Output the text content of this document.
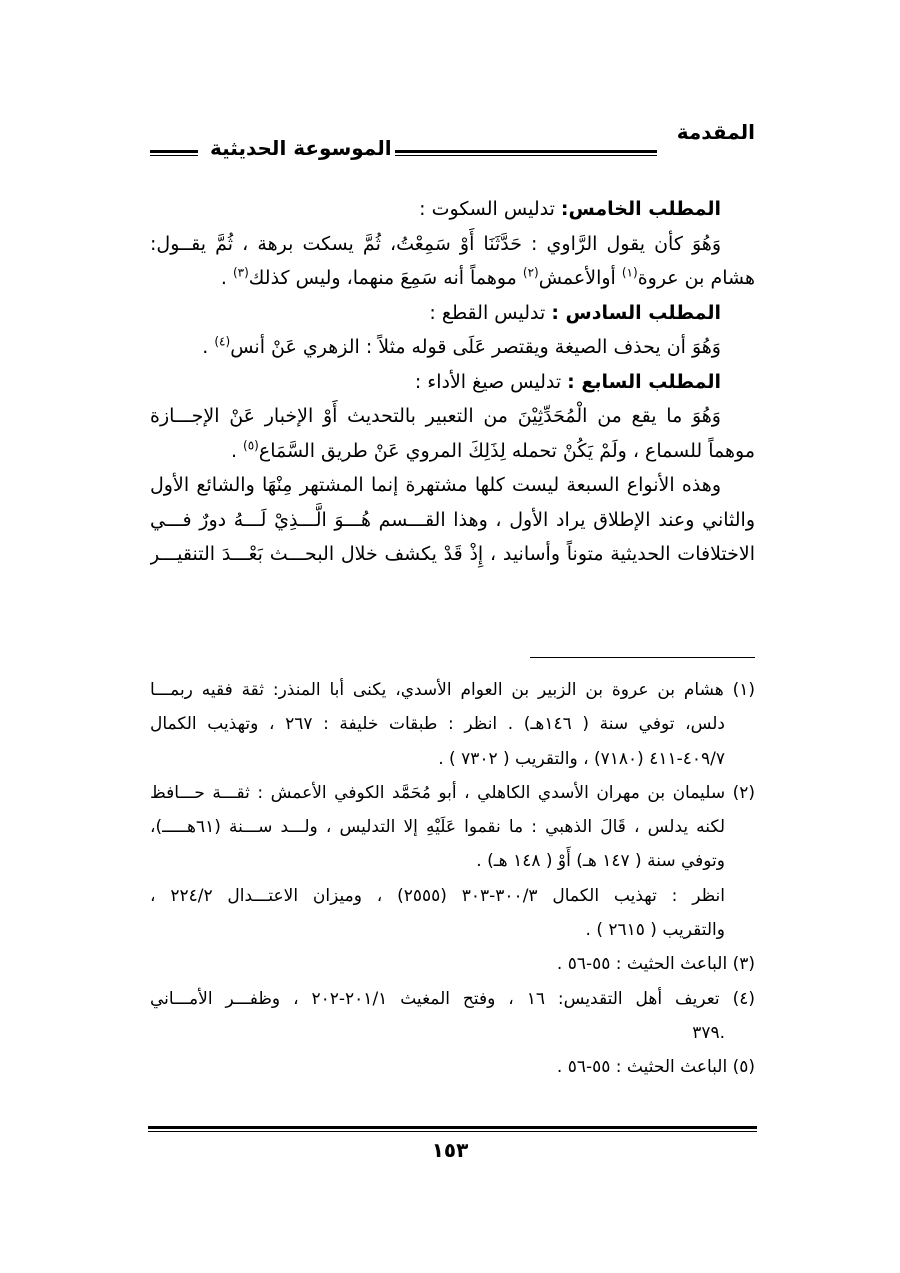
المقدمة
الموسوعة الحديثية
المطلب الخامس: تدليس السكوت :
وَهُوَ كأن يقول الرَّاوي : حَدَّثَنَا أَوْ سَمِعْتُ، ثُمَّ يسكت برهة ، ثُمَّ يقــول:
هشام بن عروة$^{(١)}$ أوالأعمش$^{(٢)}$ موهماً أنه سَمِعَ منهما، وليس كذلك$^{(٣)}$ .
المطلب السادس : تدليس القطع :
وَهُوَ أن يحذف الصيغة ويقتصر عَلَى قوله مثلاً : الزهري عَنْ أنس$^{(٤)}$ .
المطلب السابع : تدليس صيغ الأداء :
وَهُوَ ما يقع من الْمُحَدِّثِيْنَ من التعبير بالتحديث أَوْ الإخبار عَنْ الإجـــازة
موهماً للسماع ، ولَمْ يَكُنْ تحمله لِذَلِكَ المروي عَنْ طريق السَّمَاع$^{(٥)}$ .
وهذه الأنواع السبعة ليست كلها مشتهرة إنما المشتهر مِنْهَا والشائع الأول
والثاني وعند الإطلاق يراد الأول ، وهذا القـــسم هُـــوَ الَّـــذِيْ لَـــهُ دورٌ فـــي
الاختلافات الحديثية متوناً وأسانيد ، إِذْ قَدْ يكشف خلال البحـــث بَعْـــدَ التنقيـــر
(١) هشام بن عروة بن الزبير بن العوام الأسدي، يكنى أبا المنذر: ثقة فقيه ربمـــا
دلس، توفي سنة ( ١٤٦هـ) . انظر : طبقات خليفة : ٢٦٧ ، وتهذيب الكمال
٤٠٩/٧-٤١١ (٧١٨٠) ، والتقريب ( ٧٣٠٢ ) .
(٢) سليمان بن مهران الأسدي الكاهلي ، أبو مُحَمَّد الكوفي الأعمش : ثقـــة حـــافظ
لكنه يدلس ، قَالَ الذهبي : ما نقموا عَلَيْهِ إلا التدليس ، ولـــد ســـنة (٦١هـــــ)،
وتوفي سنة ( ١٤٧ هـ) أَوْ ( ١٤٨ هـ) .
انظر : تهذيب الكمال ٣٠٠/٣-٣٠٣ (٢٥٥٥) ، وميزان الاعتـــدال ٢٢٤/٢ ،
والتقريب ( ٢٦١٥ ) .
(٣) الباعث الحثيث : ٥٥-٥٦ .
(٤) تعريف أهل التقديس: ١٦ ، وفتح المغيث ٢٠١/١-٢٠٢ ، وظفـــر الأمـــاني
.٣٧٩
(٥) الباعث الحثيث : ٥٥-٥٦ .
١٥٣
